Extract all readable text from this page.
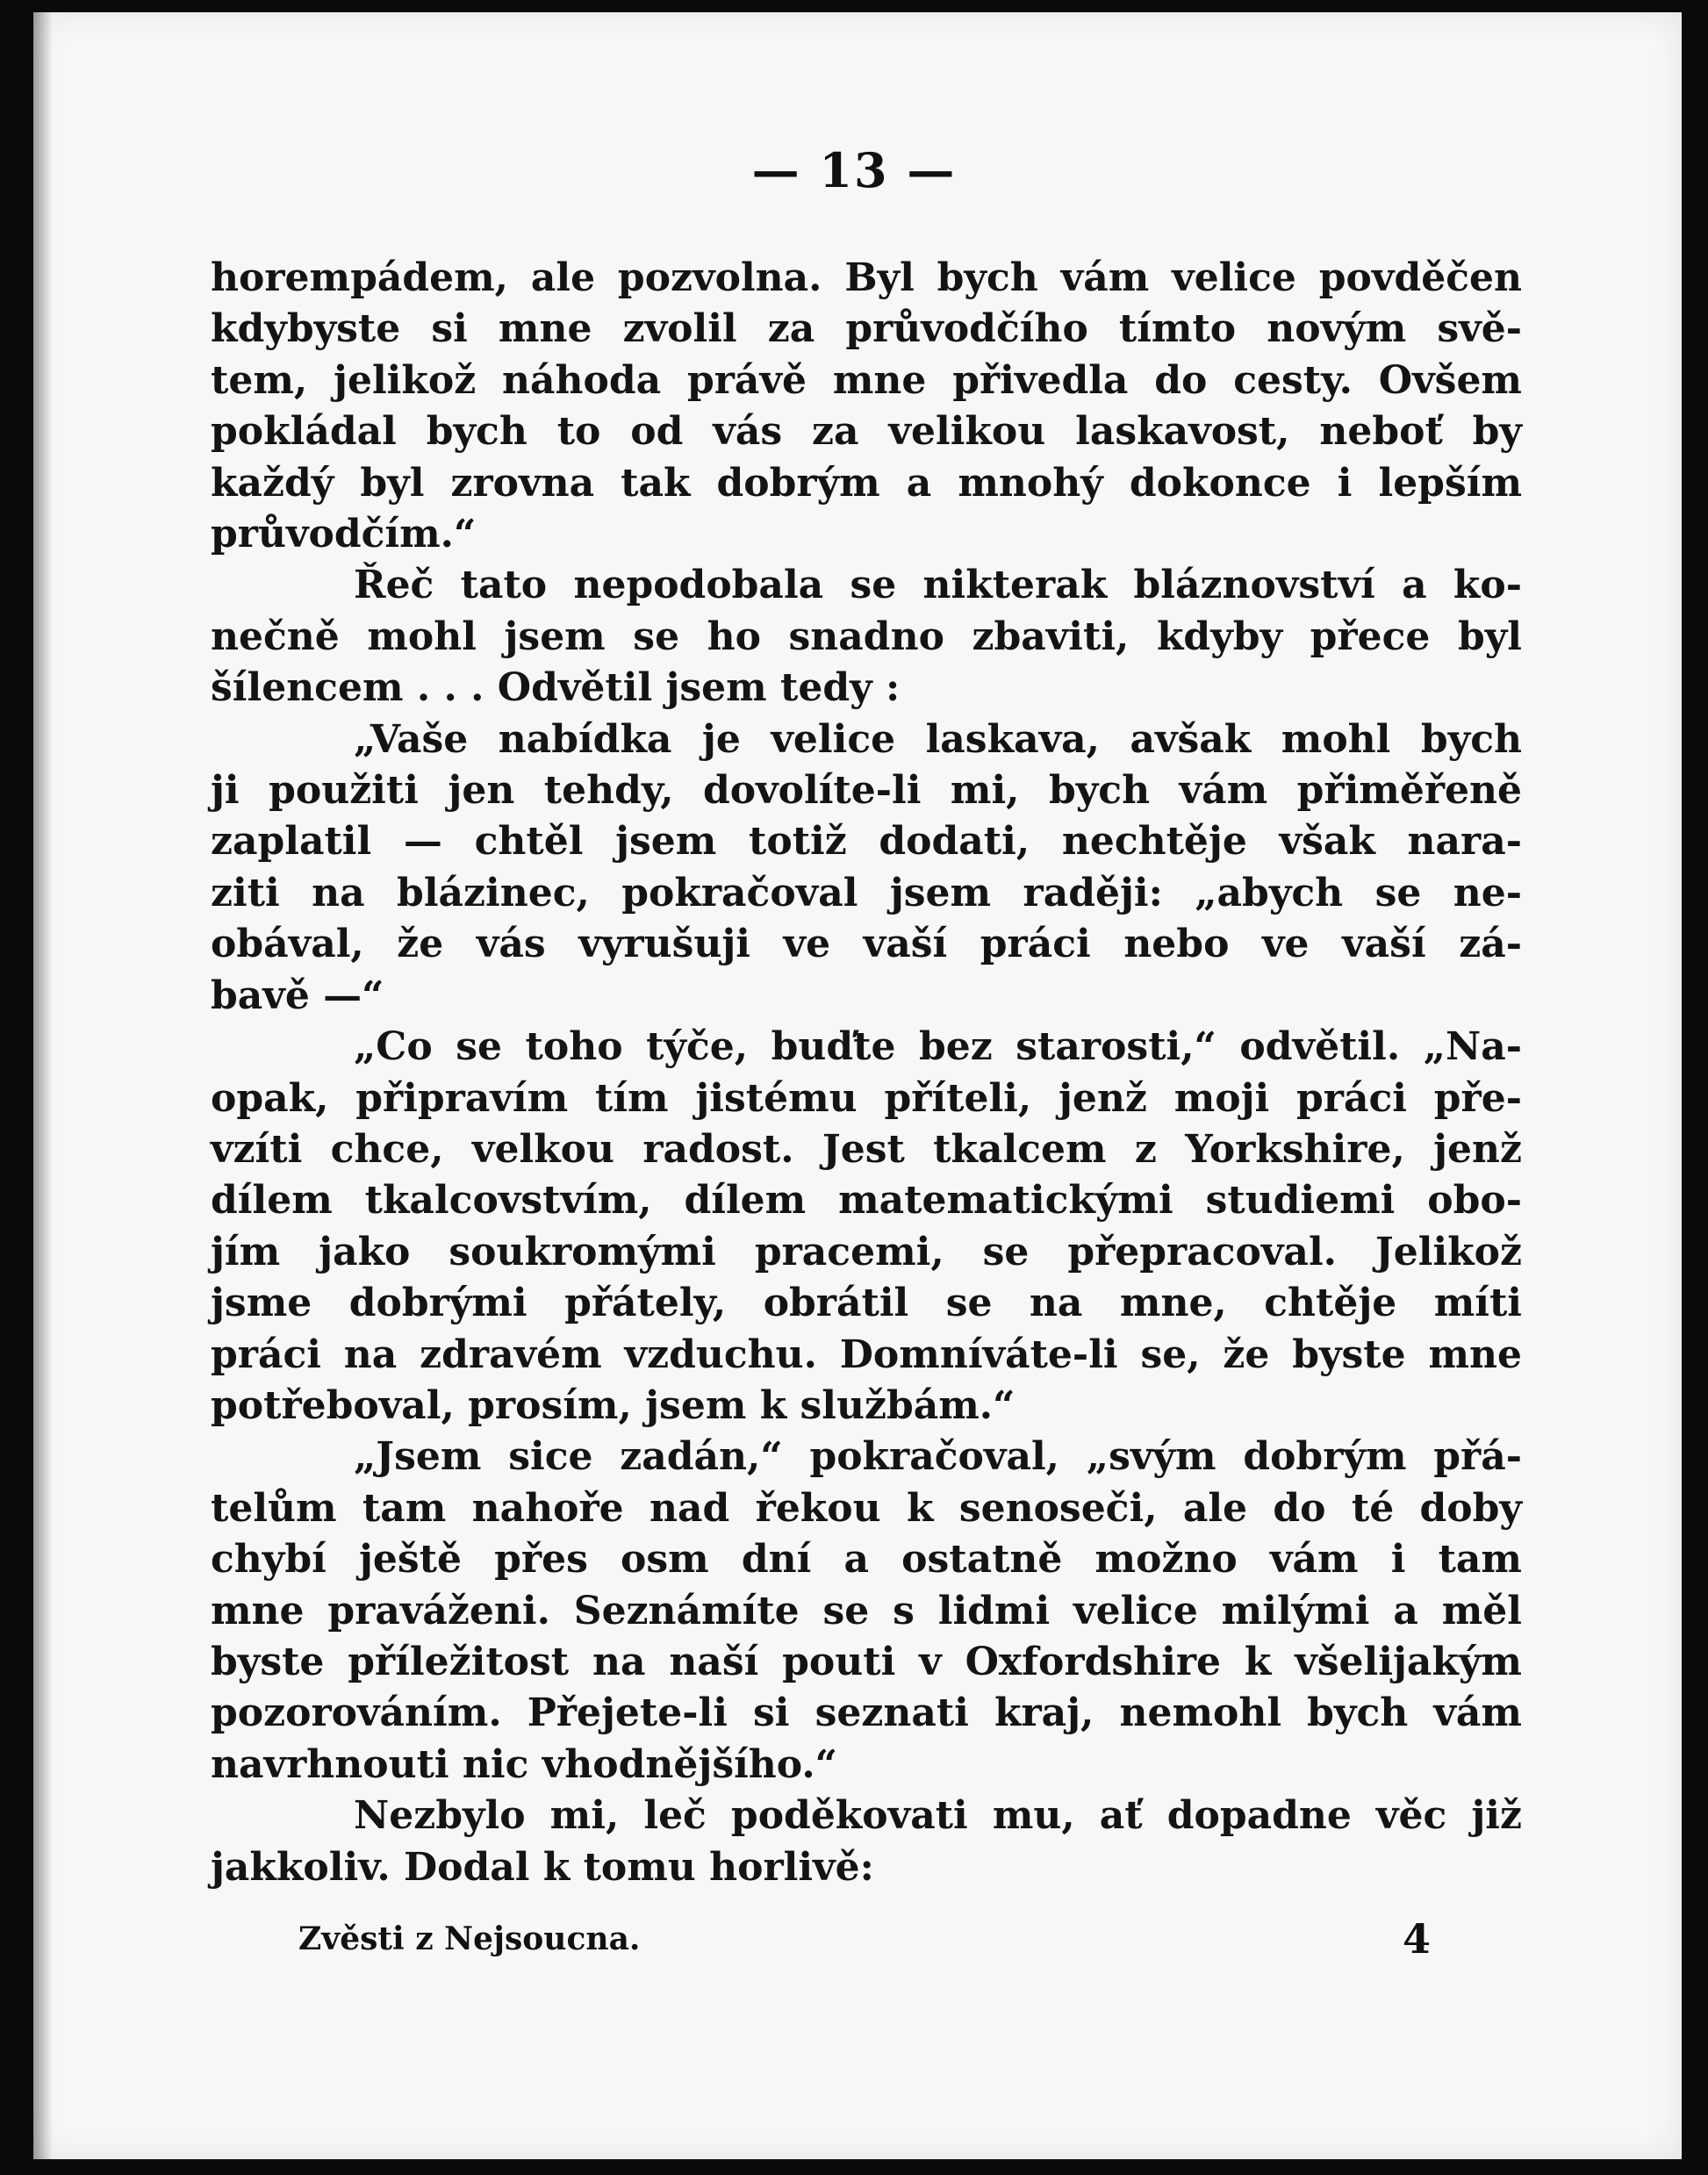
— 13 —
horempádem, ale pozvolna. Byl bych vám velice povděčen
kdybyste si mne zvolil za průvodčího tímto novým svě-
tem, jelikož náhoda právě mne přivedla do cesty. Ovšem
pokládal bych to od vás za velikou laskavost, neboť by
každý byl zrovna tak dobrým a mnohý dokonce i lepším
průvodčím.“
Řeč tato nepodobala se nikterak bláznovství a ko-
nečně mohl jsem se ho snadno zbaviti, kdyby přece byl
šílencem . . . Odvětil jsem tedy :
„Vaše nabídka je velice laskava, avšak mohl bych
ji použiti jen tehdy, dovolíte-li mi, bych vám přiměřeně
zaplatil — chtěl jsem totiž dodati, nechtěje však nara-
ziti na blázinec, pokračoval jsem raději: „abych se ne-
obával, že vás vyrušuji ve vaší práci nebo ve vaší zá-
bavě —“
„Co se toho týče, buďte bez starosti,“ odvětil. „Na-
opak, připravím tím jistému příteli, jenž moji práci pře-
vzíti chce, velkou radost. Jest tkalcem z Yorkshire, jenž
dílem tkalcovstvím, dílem matematickými studiemi obo-
jím jako soukromými pracemi, se přepracoval. Jelikož
jsme dobrými přátely, obrátil se na mne, chtěje míti
práci na zdravém vzduchu. Domníváte-li se, že byste mne
potřeboval, prosím, jsem k službám.“
„Jsem sice zadán,“ pokračoval, „svým dobrým přá-
telům tam nahoře nad řekou k senoseči, ale do té doby
chybí ještě přes osm dní a ostatně možno vám i tam
mne praváženi. Seznámíte se s lidmi velice milými a měl
byste příležitost na naší pouti v Oxfordshire k všelijakým
pozorováním. Přejete-li si seznati kraj, nemohl bych vám
navrhnouti nic vhodnějšího.“
Nezbylo mi, leč poděkovati mu, ať dopadne věc již
jakkoliv. Dodal k tomu horlivě:
Zvěsti z Nejsoucna.	4
